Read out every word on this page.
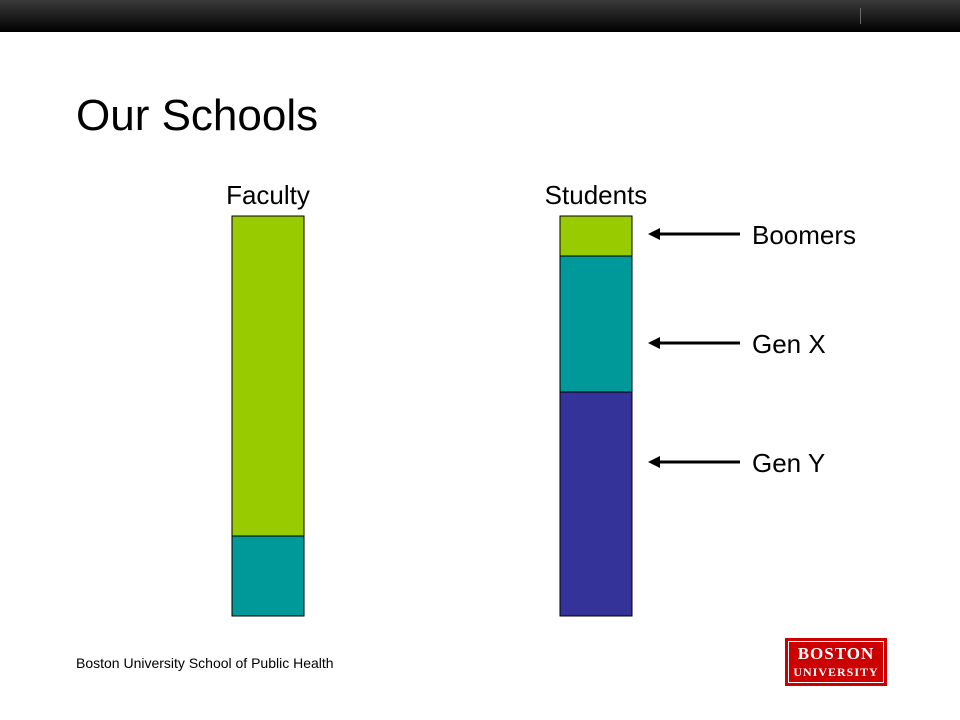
Our Schools
Faculty	Students
Boomers
Gen X
Gen Y
Boston University School of Public Health	BOSTON
UNIVERSITY
